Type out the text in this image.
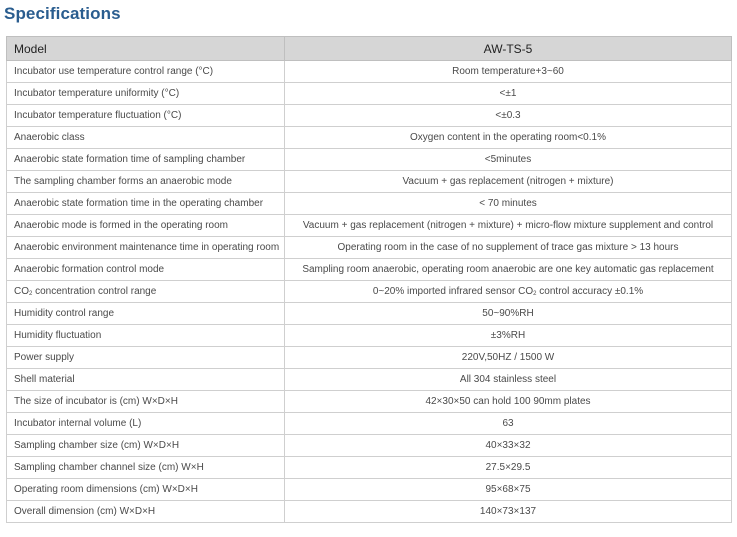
Specifications
Model	AW-TS-5
Incubator use temperature control range (°C)	Room temperature+3~60
Incubator temperature uniformity (°C)	<±1
Incubator temperature fluctuation (°C)	<±0.3
Anaerobic class	Oxygen content in the operating room<0.1%
Anaerobic state formation time of sampling chamber	<5minutes
The sampling chamber forms an anaerobic mode	Vacuum + gas replacement (nitrogen + mixture)
Anaerobic state formation time in the operating chamber	< 70 minutes
Anaerobic mode is formed in the operating room	Vacuum + gas replacement (nitrogen + mixture) + micro-flow mixture supplement and control
Anaerobic environment maintenance time in operating room	Operating room in the case of no supplement of trace gas mixture > 13 hours
Anaerobic formation control mode	Sampling room anaerobic, operating room anaerobic are one key automatic gas replacement
$CO_2$ concentration control range	0~20% imported infrared sensor $CO_2$ control accuracy ±0.1%
Humidity control range	50~90%RH
Humidity fluctuation	±3%RH
Power supply	220V,50HZ / 1500 W
Shell material	All 304 stainless steel
The size of incubator is (cm) W×D×H	42×30×50 can hold 100 90mm plates
Incubator internal volume (L)	63
Sampling chamber size (cm) W×D×H	40×33×32
Sampling chamber channel size (cm) W×H	27.5×29.5
Operating room dimensions (cm) W×D×H	95×68×75
Overall dimension (cm) W×D×H	140×73×137
